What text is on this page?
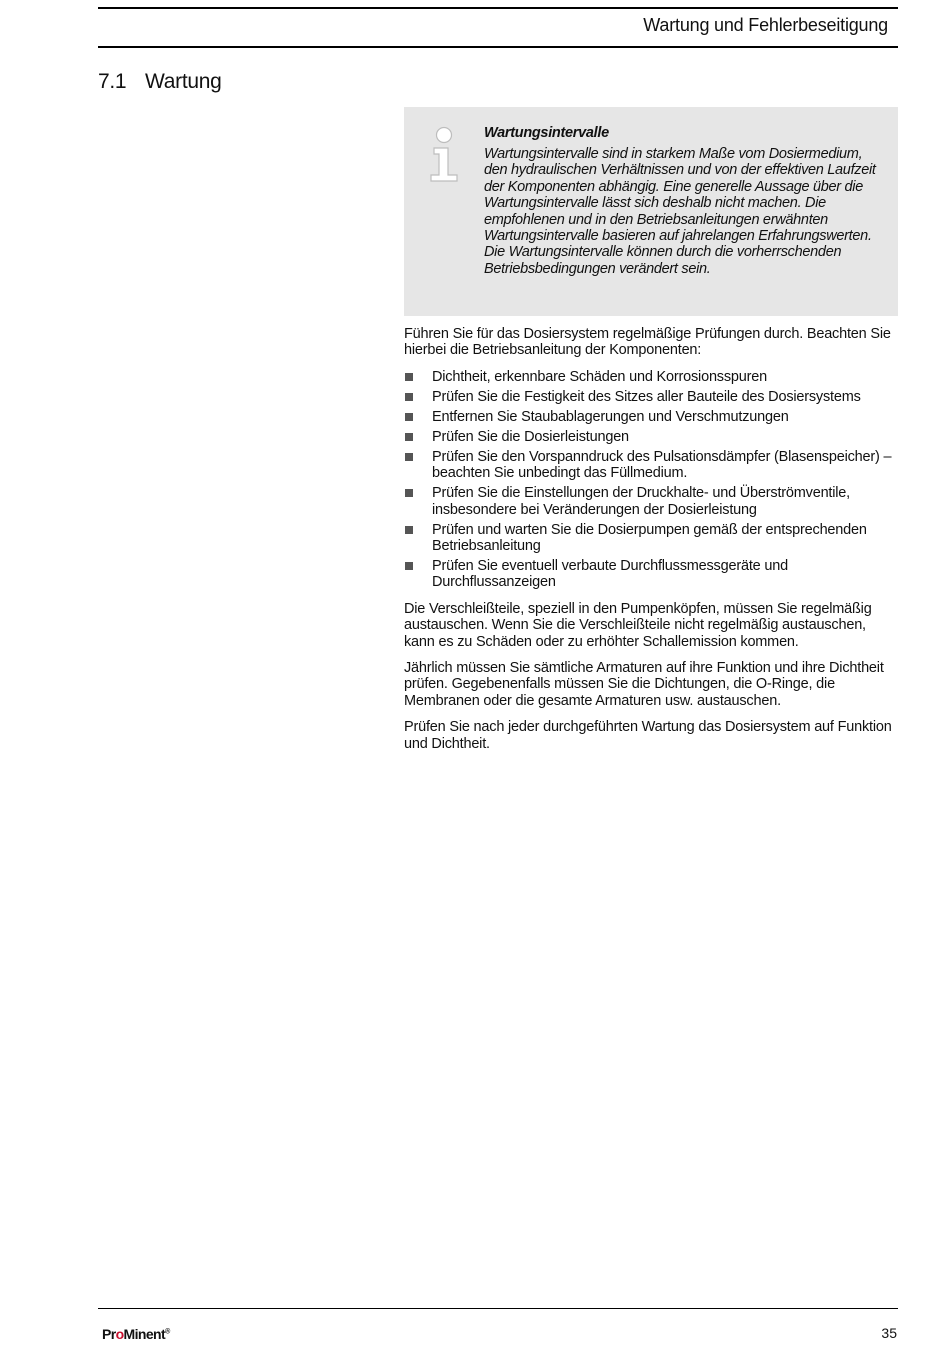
Wartung und Fehlerbeseitigung
7.1 Wartung
Wartungsintervalle
Wartungsintervalle sind in starkem Maße vom Dosiermedium, den hydraulischen Verhältnissen und von der effektiven Laufzeit der Komponenten abhängig. Eine generelle Aussage über die Wartungsintervalle lässt sich deshalb nicht machen. Die empfohlenen und in den Betriebsanleitungen erwähnten Wartungsintervalle basieren auf jahrelangen Erfahrungswerten. Die Wartungsintervalle können durch die vorherrschenden Betriebsbedingungen verändert sein.

Führen Sie für das Dosiersystem regelmäßige Prüfungen durch. Beachten Sie hierbei die Betriebsanleitung der Komponenten:

Dichtheit, erkennbare Schäden und Korrosionsspuren
Prüfen Sie die Festigkeit des Sitzes aller Bauteile des Dosiersystems
Entfernen Sie Staubablagerungen und Verschmutzungen
Prüfen Sie die Dosierleistungen
Prüfen Sie den Vorspanndruck des Pulsationsdämpfer (Blasenspeicher) – beachten Sie unbedingt das Füllmedium.
Prüfen Sie die Einstellungen der Druckhalte- und Überströmventile, insbesondere bei Veränderungen der Dosierleistung
Prüfen und warten Sie die Dosierpumpen gemäß der entsprechenden Betriebsanleitung
Prüfen Sie eventuell verbaute Durchflussmessgeräte und Durchflussanzeigen

Die Verschleißteile, speziell in den Pumpenköpfen, müssen Sie regelmäßig austauschen. Wenn Sie die Verschleißteile nicht regelmäßig austauschen, kann es zu Schäden oder zu erhöhter Schallemission kommen.

Jährlich müssen Sie sämtliche Armaturen auf ihre Funktion und ihre Dichtheit prüfen. Gegebenenfalls müssen Sie die Dichtungen, die O-Ringe, die Membranen oder die gesamte Armaturen usw. austauschen.

Prüfen Sie nach jeder durchgeführten Wartung das Dosiersystem auf Funktion und Dichtheit.

ProMinent®	35
